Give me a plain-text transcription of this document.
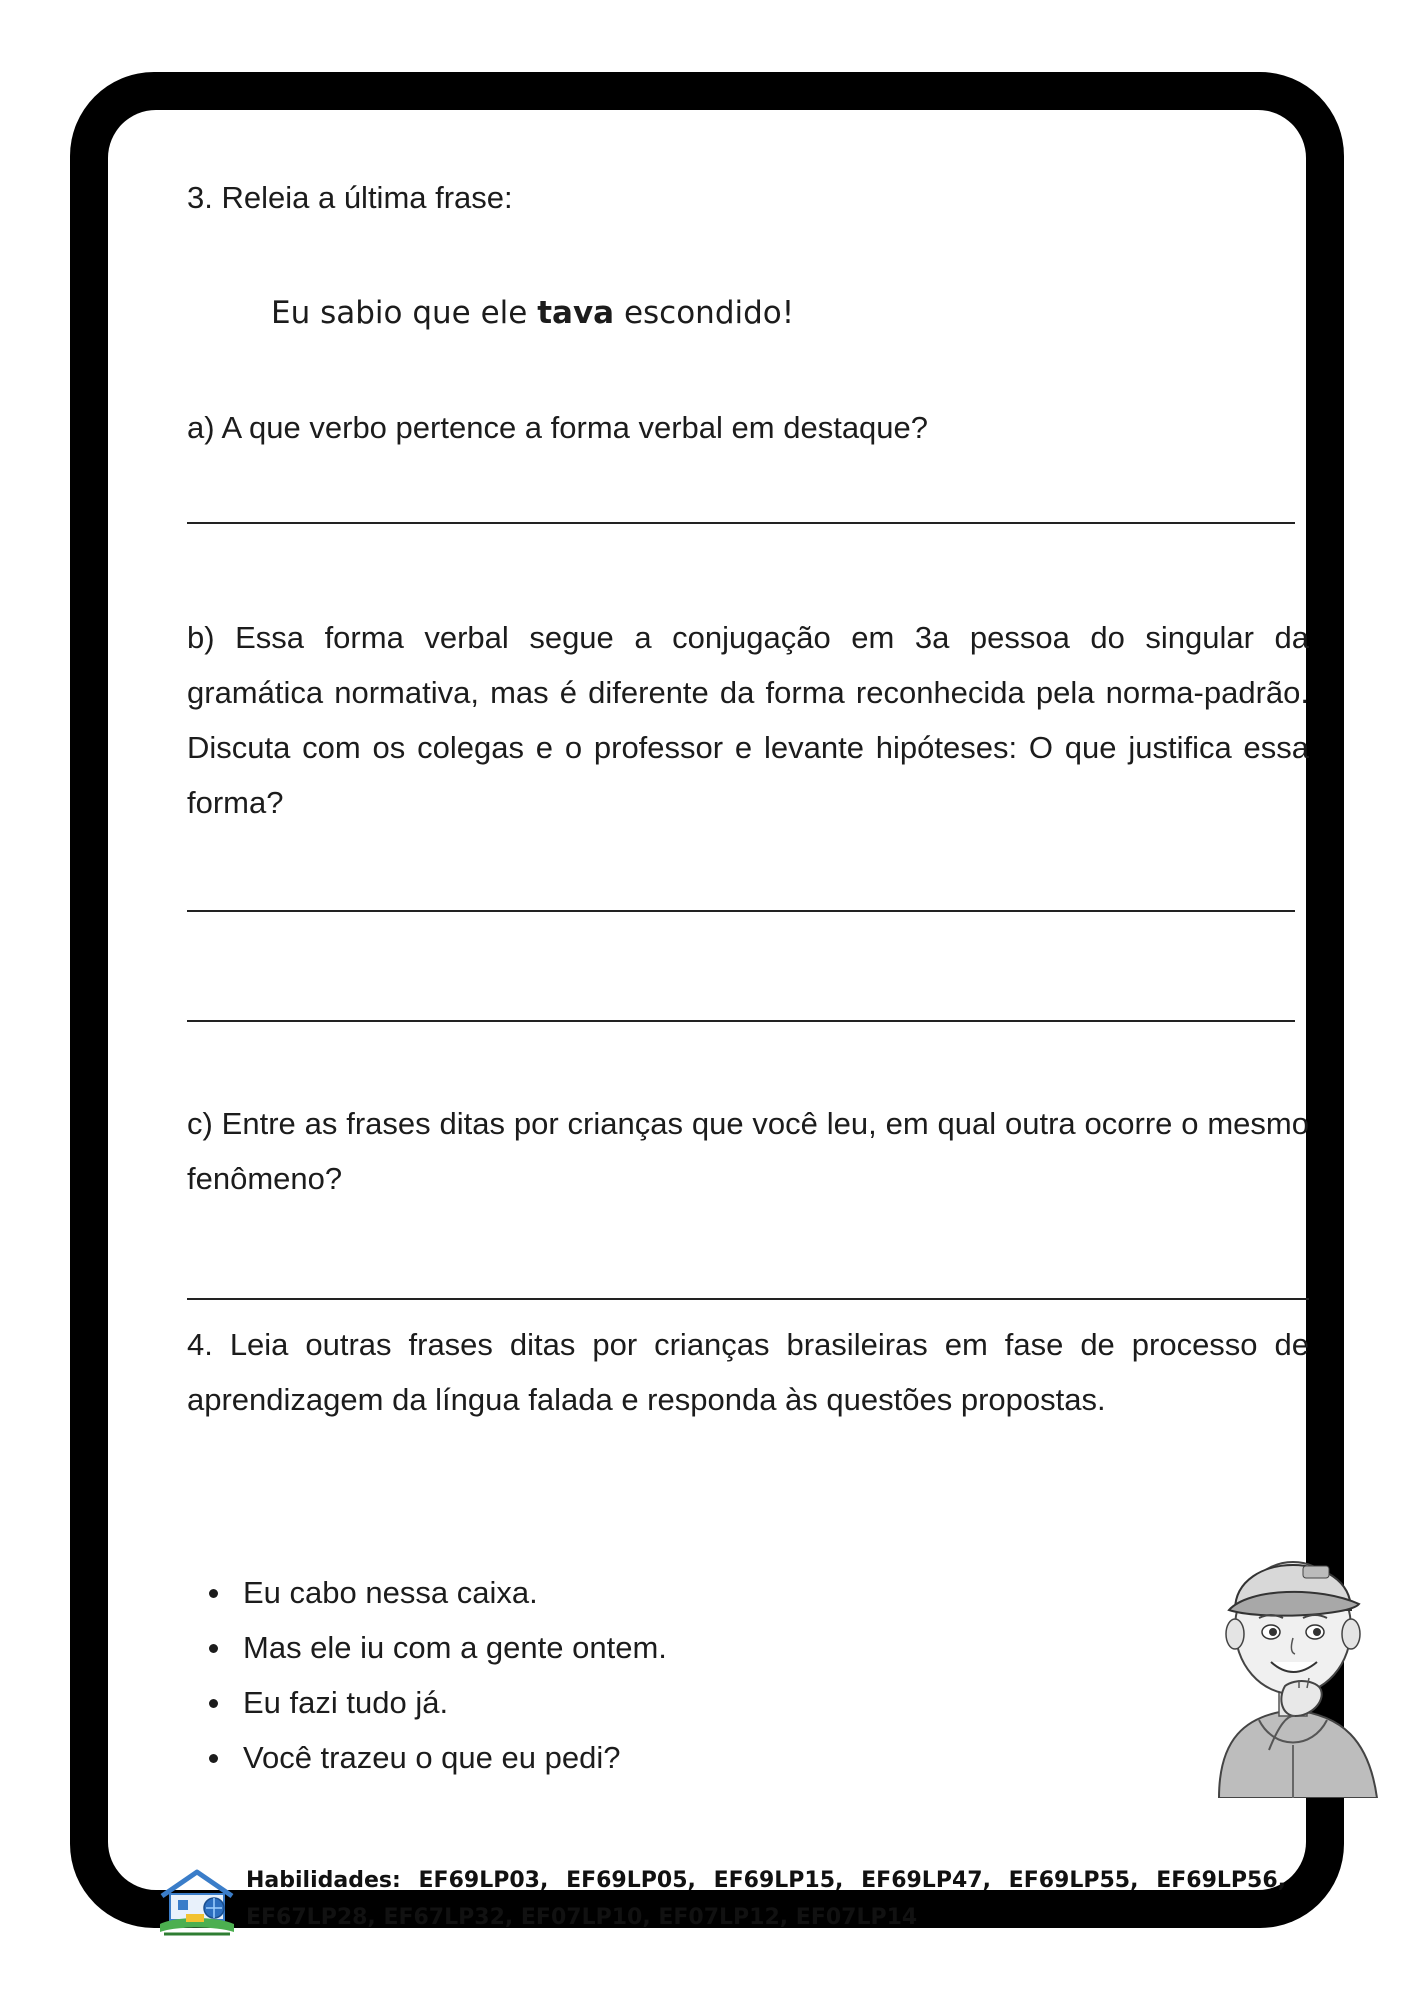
3. Releia a última frase:

Eu sabio que ele tava escondido!

a) A que verbo pertence a forma verbal em destaque?

b) Essa forma verbal segue a conjugação em 3a pessoa do singular da gramática normativa, mas é diferente da forma reconhecida pela norma-padrão. Discuta com os colegas e o professor e levante hipóteses: O que justifica essa forma?

c) Entre as frases ditas por crianças que você leu, em qual outra ocorre o mesmo fenômeno?

4. Leia outras frases ditas por crianças brasileiras em fase de processo de aprendizagem da língua falada e responda às questões propostas.

Eu cabo nessa caixa.
Mas ele iu com a gente ontem.
Eu fazi tudo já.
Você trazeu o que eu pedi?

Habilidades: EF69LP03, EF69LP05, EF69LP15, EF69LP47, EF69LP55, EF69LP56, EF67LP28, EF67LP32, EF07LP10, EF07LP12, EF07LP14
